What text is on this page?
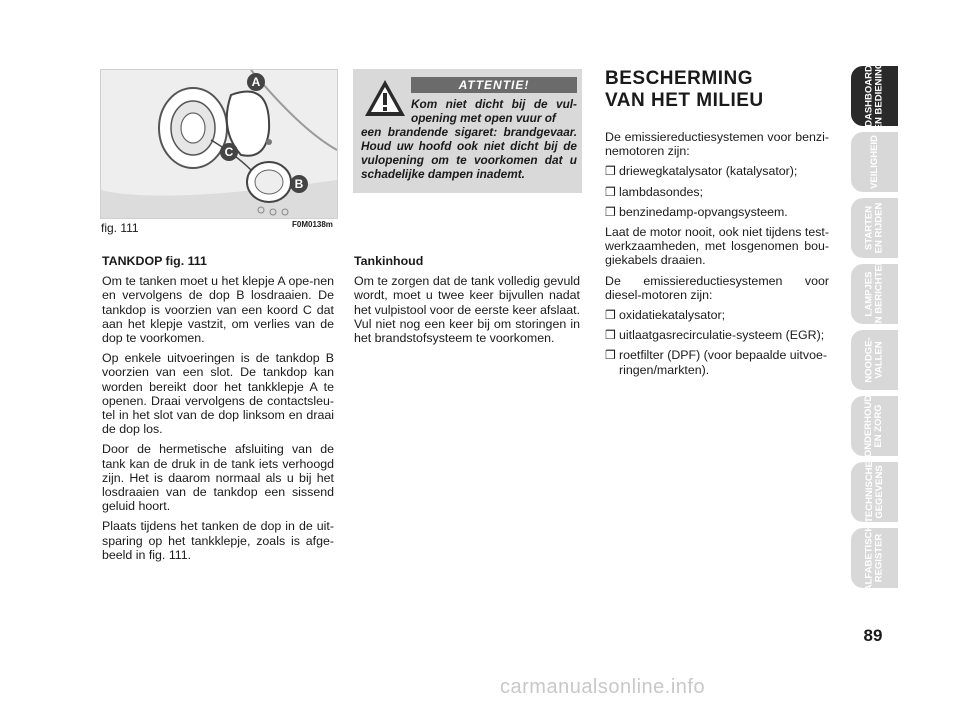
A
C
B
fig. 111	F0M0138m
TANKDOP fig. 111

Om te tanken moet u het klepje A ope-nen en vervolgens de dop B losdraaien. De tankdop is voorzien van een koord C dat aan het klepje vastzit, om verlies van de dop te voorkomen.

Op enkele uitvoeringen is de tankdop B voorzien van een slot. De tankdop kan worden bereikt door het tankklepje A te openen. Draai vervolgens de contactsleu-tel in het slot van de dop linksom en draai de dop los.

Door de hermetische afsluiting van de tank kan de druk in de tank iets verhoogd zijn. Het is daarom normaal als u bij het losdraaien van de tankdop een sissend geluid hoort.

Plaats tijdens het tanken de dop in de uit-sparing op het tankklepje, zoals is afge-beeld in fig. 111.

ATTENTIE!
Kom niet dicht bij de vul-opening met open vuur of
een brandende sigaret: brandgevaar. Houd uw hoofd ook niet dicht bij de vulopening om te voorkomen dat u schadelijke dampen inademt.
Tankinhoud

Om te zorgen dat de tank volledig gevuld wordt, moet u twee keer bijvullen nadat het vulpistool voor de eerste keer afslaat. Vul niet nog een keer bij om storingen in het brandstofsysteem te voorkomen.

BESCHERMING
VAN HET MILIEU

De emissiereductiesystemen voor benzi-nemotoren zijn:

❒ driewegkatalysator (katalysator);
❒ lambdasondes;
❒ benzinedamp-opvangsysteem.

Laat de motor nooit, ook niet tijdens test-werkzaamheden, met losgenomen bou-giekabels draaien.

De emissiereductiesystemen voor diesel-motoren zijn:

❒ oxidatiekatalysator;
❒ uitlaatgasrecirculatie-systeem (EGR);
❒ roetfilter (DPF) (voor bepaalde uitvoe-ringen/markten).
DASHBOARD
EN BEDIENING
VEILIGHEID
STARTEN
EN RIJDEN
LAMPJES
EN BERICHTEN
NOODGE-
VALLEN
ONDERHOUD
EN ZORG
TECHNISCHE
GEGEVENS
ALFABETISCH
REGISTER
89
carmanualsonline.info
